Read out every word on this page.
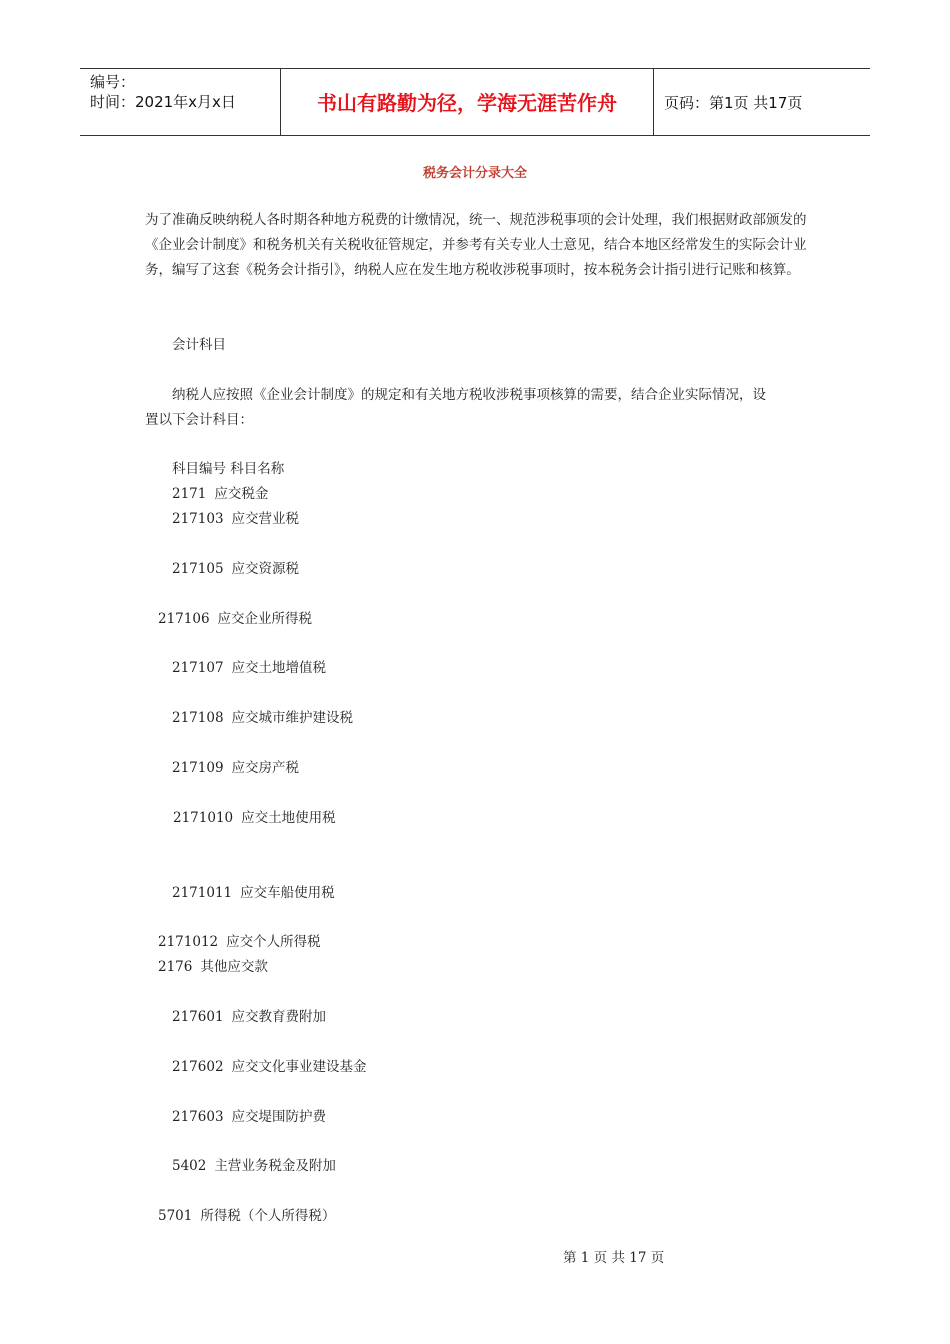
编号：
时间：2021年x月x日	书山有路勤为径，学海无涯苦作舟	页码：第1页 共17页
税务会计分录大全

为了准确反映纳税人各时期各种地方税费的计缴情况，统一、规范涉税事项的会计处理，我们根据财政部颁发的《企业会计制度》和税务机关有关税收征管规定，并参考有关专业人士意见，结合本地区经常发生的实际会计业务，编写了这套《税务会计指引》，纳税人应在发生地方税收涉税事项时，按本税务会计指引进行记账和核算。

会计科目
纳税人应按照《企业会计制度》的规定和有关地方税收涉税事项核算的需要，结合企业实际情况，设
置以下会计科目：
科目编号 科目名称
2171 应交税金
217103 应交营业税
217105 应交资源税
217106 应交企业所得税
217107 应交土地增值税
217108 应交城市维护建设税
217109 应交房产税
2171010 应交土地使用税
2171011 应交车船使用税
2171012 应交个人所得税
2176 其他应交款
217601 应交教育费附加
217602 应交文化事业建设基金
217603 应交堤围防护费
5402 主营业务税金及附加
5701 所得税（个人所得税）
第 1 页 共 17 页
